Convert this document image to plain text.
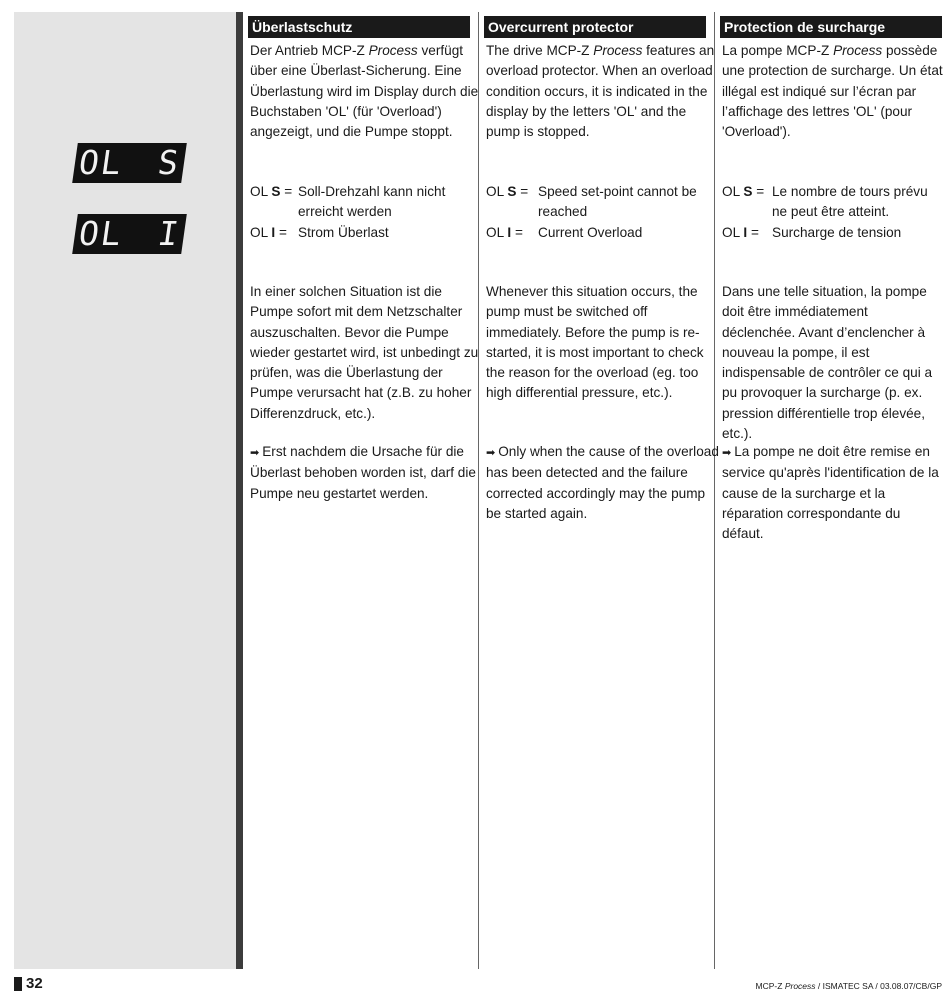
OL S
OL I
Überlastschutz

Der Antrieb MCP-Z Process verfügt über eine Überlast-Sicherung. Eine Überlastung wird im Display durch die Buchstaben 'OL' (für 'Overload') angezeigt, und die Pumpe stoppt.

OL S = Soll-Drehzahl kann nicht erreicht werden
OL I = Strom Überlast

In einer solchen Situation ist die Pumpe sofort mit dem Netzschalter auszuschalten. Bevor die Pumpe wieder gestartet wird, ist unbedingt zu prüfen, was die Überlastung der Pumpe verursacht hat (z.B. zu hoher Differenzdruck, etc.).

➡ Erst nachdem die Ursache für die Überlast behoben worden ist, darf die Pumpe neu gestartet werden.

Overcurrent protector

The drive MCP-Z Process features an overload protector. When an overload condition occurs, it is indicated in the display by the letters 'OL' and the pump is stopped.

OL S = Speed set-point cannot be reached
OL I =	Current Overload

Whenever this situation occurs, the pump must be switched off immediately. Before the pump is re-started, it is most important to check the reason for the overload (eg. too high differential pressure, etc.).

➡ Only when the cause of the overload has been detected and the failure corrected accordingly may the pump be started again.

Protection de surcharge

La pompe MCP-Z Process possède une protection de surcharge. Un état illégal est indiqué sur l’écran par l’affichage des lettres 'OL' (pour 'Overload').

OL S = Le nombre de tours prévu ne peut être atteint.
OL I = Surcharge de tension

Dans une telle situation, la pompe doit être immédiatement déclenchée. Avant d’enclencher à nouveau la pompe, il est indispensable de contrôler ce qui a pu provoquer la surcharge (p. ex. pression différentielle trop élevée, etc.).

➡ La pompe ne doit être remise en service qu'après l'identification de la cause de la surcharge et la réparation correspondante du défaut.

32	MCP-Z Process / ISMATEC SA / 03.08.07/CB/GP
